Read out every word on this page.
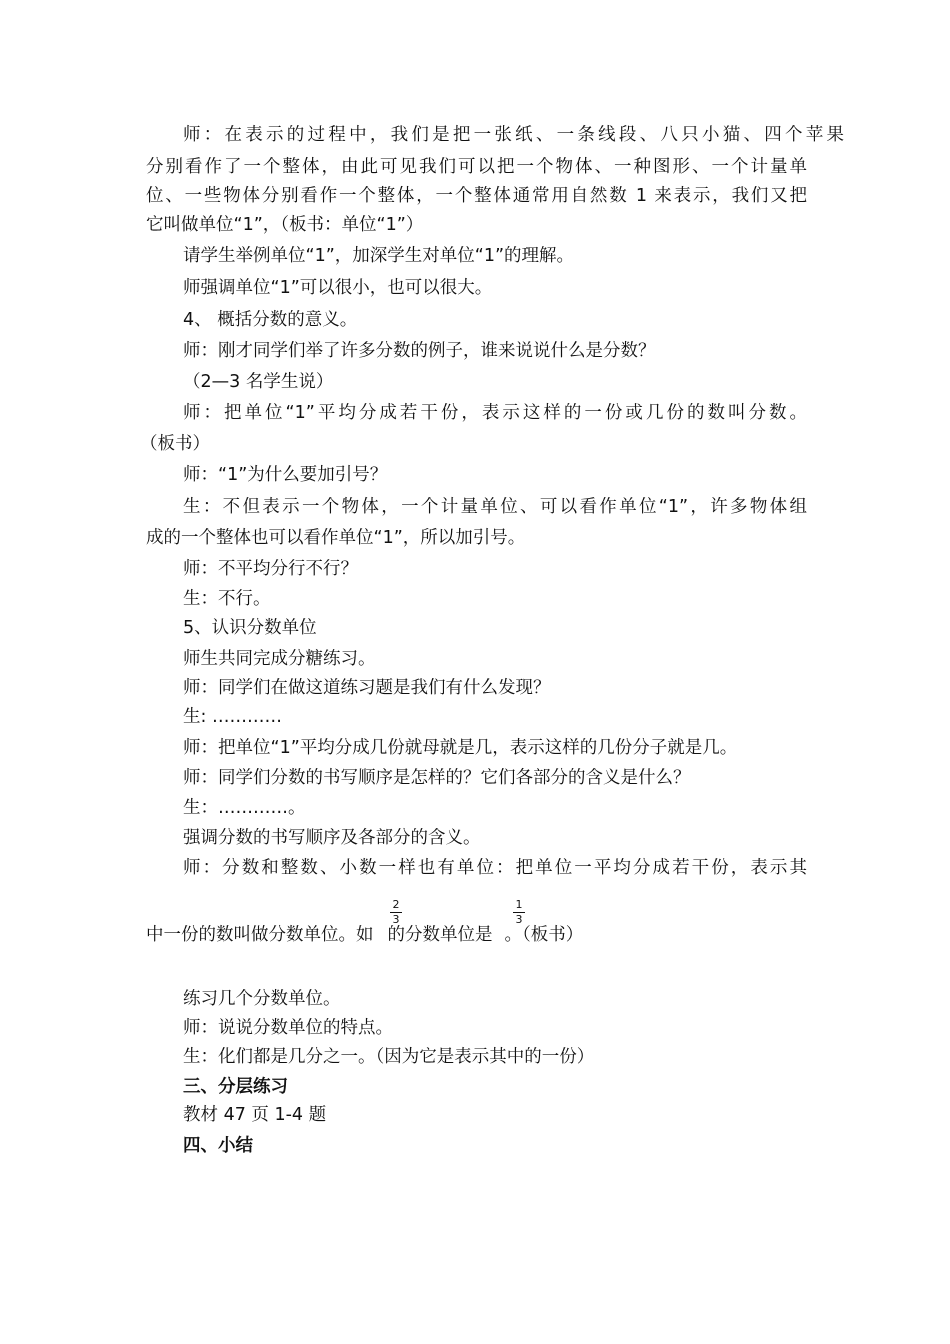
师：在表示的过程中，我们是把一张纸、一条线段、八只小猫、四个苹果

分别看作了一个整体，由此可见我们可以把一个物体、一种图形、一个计量单

位、一些物体分别看作一个整体，一个整体通常用自然数 1 来表示，我们又把

它叫做单位“1”，（板书：单位“1”）

请学生举例单位“1”，加深学生对单位“1”的理解。

师强调单位“1”可以很小，也可以很大。

4、 概括分数的意义。

师：刚才同学们举了许多分数的例子，谁来说说什么是分数？

（2—3 名学生说）

师：把单位“1”平均分成若干份，表示这样的一份或几份的数叫分数。

（板书）

师：“1”为什么要加引号？

生：不但表示一个物体，一个计量单位、可以看作单位“1”，许多物体组

成的一个整体也可以看作单位“1”，所以加引号。

师：不平均分行不行？

生：不行。

5、认识分数单位

师生共同完成分糖练习。

师：同学们在做这道练习题是我们有什么发现？

生: …………

师：把单位“1”平均分成几份就母就是几，表示这样的几份分子就是几。

师：同学们分数的书写顺序是怎样的？它们各部分的含义是什么？

生：…………。

强调分数的书写顺序及各部分的含义。

师：分数和整数、小数一样也有单位：把单位一平均分成若干份，表示其

中一份的数叫做分数单位。如 的分数单位是 。（板书）

2
3
1
3

练习几个分数单位。

师：说说分数单位的特点。

生：化们都是几分之一。（因为它是表示其中的一份）

三、分层练习

教材 47 页 1-4 题

四、小结
